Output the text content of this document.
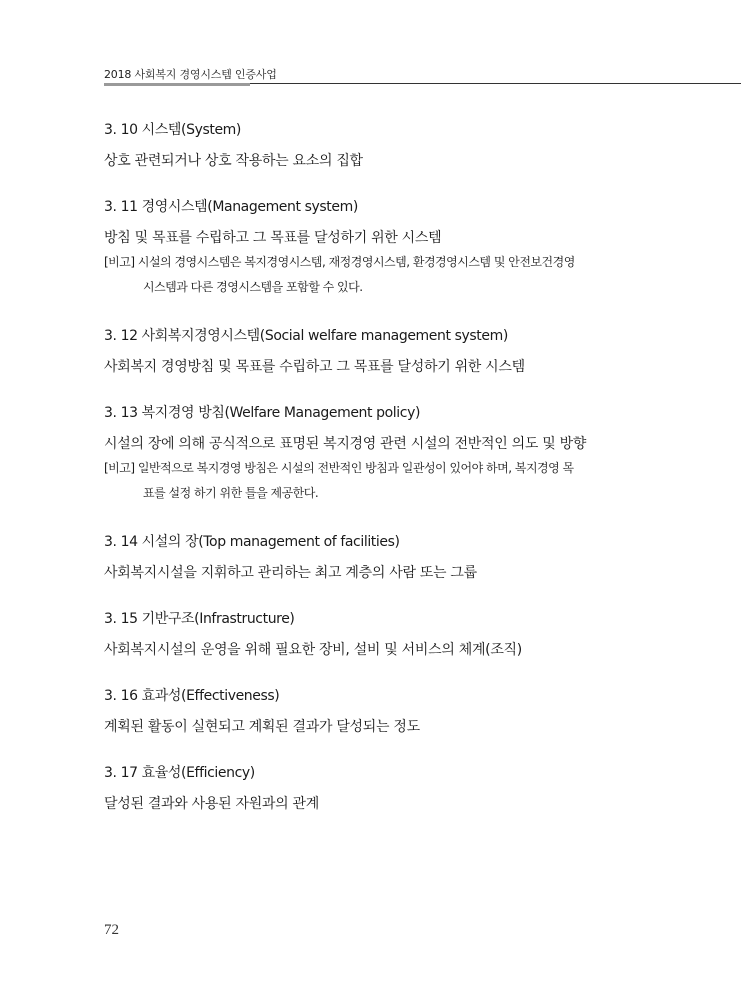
2018 사회복지 경영시스템 인증사업

3. 10 시스템(System)

상호 관련되거나 상호 작용하는 요소의 집합

3. 11 경영시스템(Management system)

방침 및 목표를 수립하고 그 목표를 달성하기 위한 시스템

[비고] 시설의 경영시스템은 복지경영시스템, 재정경영시스템, 환경경영시스템 및 안전보건경영
시스템과 다른 경영시스템을 포함할 수 있다.

3. 12 사회복지경영시스템(Social welfare management system)

사회복지 경영방침 및 목표를 수립하고 그 목표를 달성하기 위한 시스템

3. 13 복지경영 방침(Welfare Management policy)

시설의 장에 의해 공식적으로 표명된 복지경영 관련 시설의 전반적인 의도 및 방향

[비고] 일반적으로 복지경영 방침은 시설의 전반적인 방침과 일관성이 있어야 하며, 복지경영 목
표를 설정 하기 위한 틀을 제공한다.

3. 14 시설의 장(Top management of facilities)

사회복지시설을 지휘하고 관리하는 최고 계층의 사람 또는 그룹

3. 15 기반구조(Infrastructure)

사회복지시설의 운영을 위해 필요한 장비, 설비 및 서비스의 체계(조직)

3. 16 효과성(Effectiveness)

계획된 활동이 실현되고 계획된 결과가 달성되는 정도

3. 17 효율성(Efficiency)

달성된 결과와 사용된 자원과의 관계

72
